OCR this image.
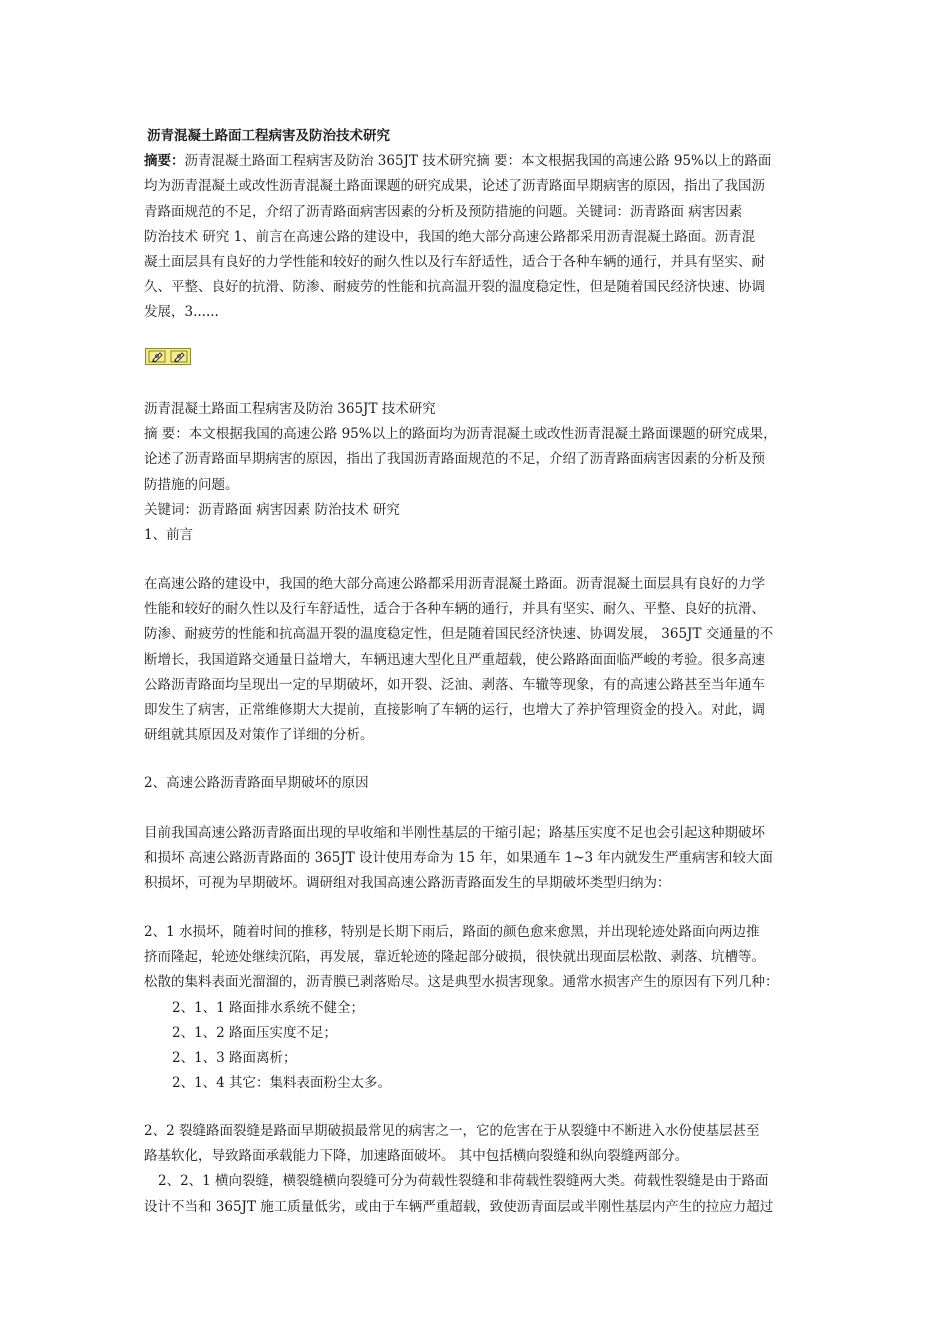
沥青混凝土路面工程病害及防治技术研究
摘要：沥青混凝土路面工程病害及防治 365JT 技术研究摘 要：本文根据我国的高速公路 95%以上的路面
均为沥青混凝土或改性沥青混凝土路面课题的研究成果，论述了沥青路面早期病害的原因，指出了我国沥
青路面规范的不足，介绍了沥青路面病害因素的分析及预防措施的问题。关键词：沥青路面 病害因素
防治技术 研究 1、前言在高速公路的建设中，我国的绝大部分高速公路都采用沥青混凝土路面。沥青混
凝土面层具有良好的力学性能和较好的耐久性以及行车舒适性，适合于各种车辆的通行，并具有坚实、耐
久、平整、良好的抗滑、防渗、耐疲劳的性能和抗高温开裂的温度稳定性，但是随着国民经济快速、协调
发展，3......
沥青混凝土路面工程病害及防治 365JT 技术研究
摘 要：本文根据我国的高速公路 95%以上的路面均为沥青混凝土或改性沥青混凝土路面课题的研究成果，
论述了沥青路面早期病害的原因，指出了我国沥青路面规范的不足，介绍了沥青路面病害因素的分析及预
防措施的问题。
关键词：沥青路面 病害因素 防治技术 研究
1、前言
在高速公路的建设中，我国的绝大部分高速公路都采用沥青混凝土路面。沥青混凝土面层具有良好的力学
性能和较好的耐久性以及行车舒适性，适合于各种车辆的通行，并具有坚实、耐久、平整、良好的抗滑、
防渗、耐疲劳的性能和抗高温开裂的温度稳定性，但是随着国民经济快速、协调发展， 365JT 交通量的不
断增长，我国道路交通量日益增大，车辆迅速大型化且严重超载，使公路路面面临严峻的考验。很多高速
公路沥青路面均呈现出一定的早期破坏，如开裂、泛油、剥落、车辙等现象，有的高速公路甚至当年通车
即发生了病害，正常维修期大大提前，直接影响了车辆的运行，也增大了养护管理资金的投入。对此，调
研组就其原因及对策作了详细的分析。
2、高速公路沥青路面早期破坏的原因
目前我国高速公路沥青路面出现的早收缩和半刚性基层的干缩引起；路基压实度不足也会引起这种期破坏
和损坏 高速公路沥青路面的 365JT 设计使用寿命为 15 年，如果通车 1~3 年内就发生严重病害和较大面
积损坏，可视为早期破坏。调研组对我国高速公路沥青路面发生的早期破坏类型归纳为：
2、1 水损坏，随着时间的推移，特别是长期下雨后，路面的颜色愈来愈黑，并出现轮迹处路面向两边推
挤而隆起，轮迹处继续沉陷，再发展，靠近轮迹的隆起部分破损，很快就出现面层松散、剥落、坑槽等。
松散的集料表面光溜溜的，沥青膜已剥落贻尽。这是典型水损害现象。通常水损害产生的原因有下列几种：
2、1、1 路面排水系统不健全；
2、1、2 路面压实度不足；
2、1、3 路面离析；
2、1、4 其它：集料表面粉尘太多。
2、2 裂缝路面裂缝是路面早期破损最常见的病害之一，它的危害在于从裂缝中不断进入水份使基层甚至
路基软化，导致路面承载能力下降，加速路面破坏。 其中包括横向裂缝和纵向裂缝两部分。
2、2、1 横向裂缝，横裂缝横向裂缝可分为荷载性裂缝和非荷载性裂缝两大类。荷载性裂缝是由于路面
设计不当和 365JT 施工质量低劣，或由于车辆严重超载，致使沥青面层或半刚性基层内产生的拉应力超过
